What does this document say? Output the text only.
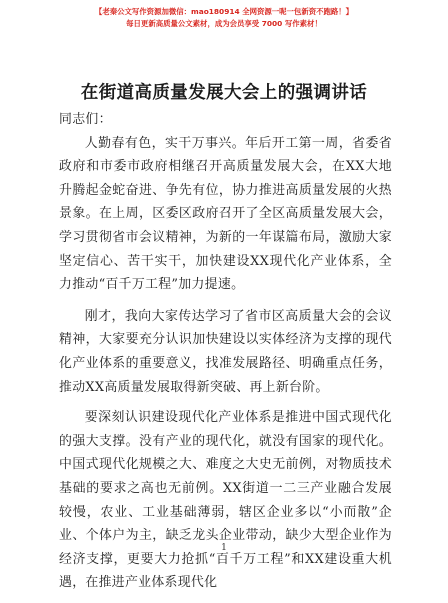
【老秦公文写作资源加微信：mao180914 全网资源一呢一包新资不跑路！】
每日更新高质量公文素材，成为会员享受 7000 写作素材！
在街道高质量发展大会上的强调讲话

同志们：

人勤春有色，实干万事兴。年后开工第一周，省委省政府和市委市政府相继召开高质量发展大会，在XX大地升腾起金蛇奋进、争先有位，协力推进高质量发展的火热景象。在上周，区委区政府召开了全区高质量发展大会，学习贯彻省市会议精神，为新的一年谋篇布局，激励大家坚定信心、苦干实干，加快建设XX现代化产业体系，全力推动“百千万工程”加力提速。

刚才，我向大家传达学习了省市区高质量大会的会议精神，大家要充分认识加快建设以实体经济为支撑的现代化产业体系的重要意义，找准发展路径、明确重点任务，推动XX高质量发展取得新突破、再上新台阶。

要深刻认识建设现代化产业体系是推进中国式现代化的强大支撑。没有产业的现代化，就没有国家的现代化。中国式现代化规模之大、难度之大史无前例，对物质技术基础的要求之高也无前例。XX街道一二三产业融合发展较慢，农业、工业基础薄弱，辖区企业多以“小而散”企业、个体户为主，缺乏龙头企业带动，缺少大型企业作为经济支撑，更要大力抢抓“百千万工程”和XX建设重大机遇，在推进产业体系现代化

1
